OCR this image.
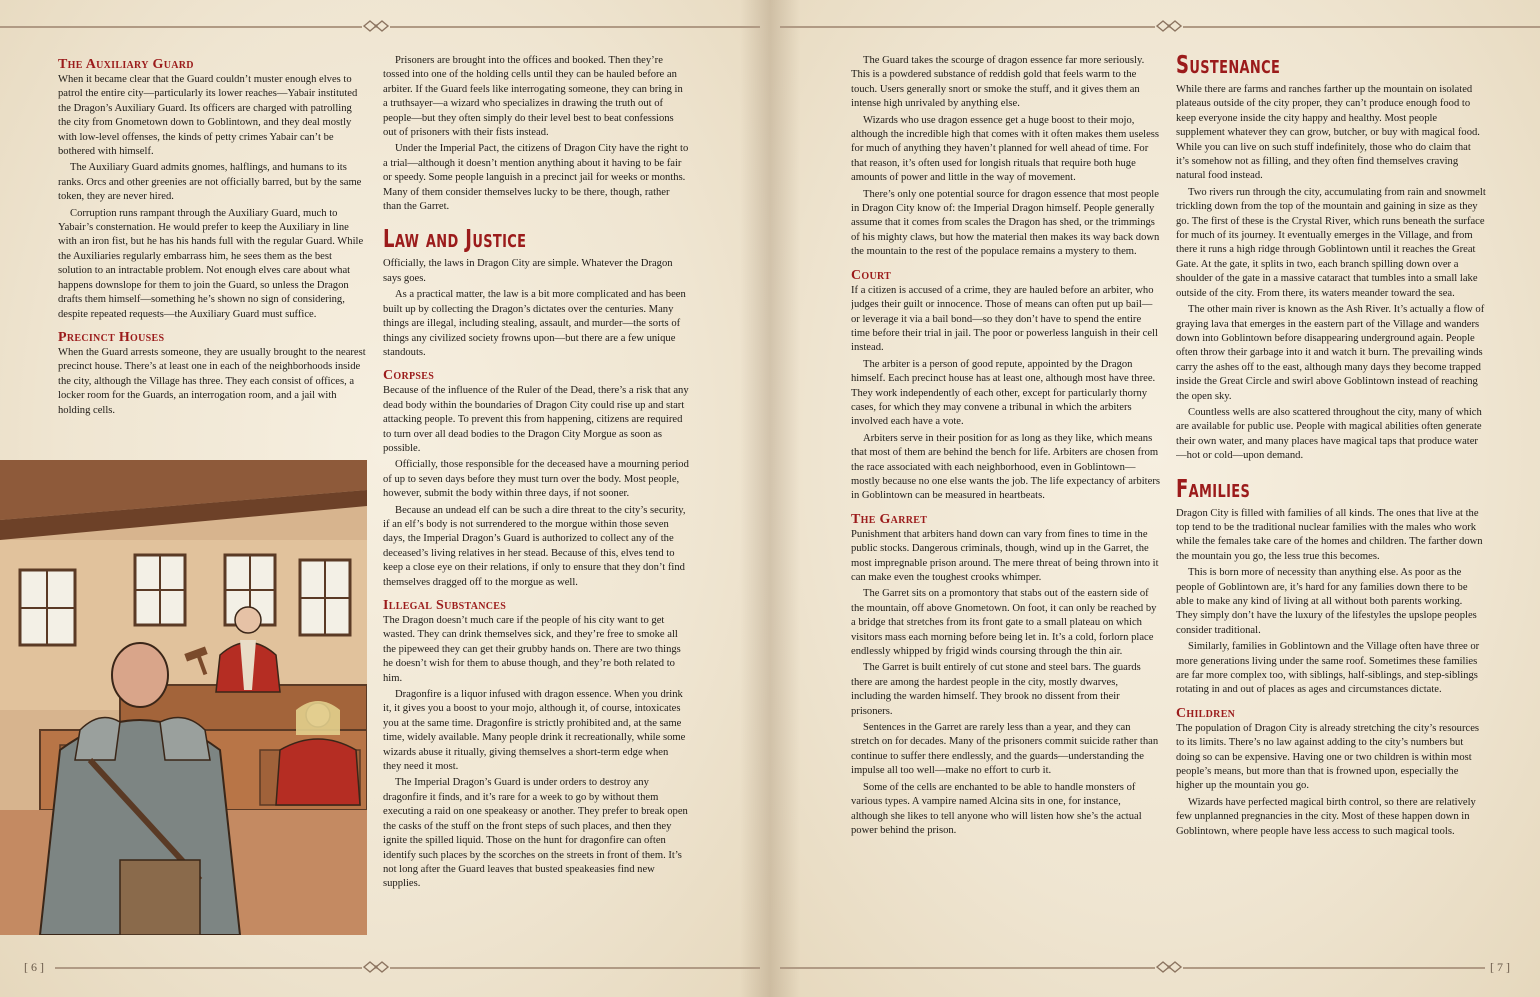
[ 6 ]	[ 7 ]
The Auxiliary Guard

When it became clear that the Guard couldn’t muster enough elves to patrol the entire city—particularly its lower reaches—Yabair instituted the Dragon’s Auxiliary Guard. Its officers are charged with patrolling the city from Gnometown down to Goblintown, and they deal mostly with low-level offenses, the kinds of petty crimes Yabair can’t be bothered with himself.

The Auxiliary Guard admits gnomes, halflings, and humans to its ranks. Orcs and other greenies are not officially barred, but by the same token, they are never hired.

Corruption runs rampant through the Auxiliary Guard, much to Yabair’s consternation. He would prefer to keep the Auxiliary in line with an iron fist, but he has his hands full with the regular Guard. While the Auxiliaries regularly embarrass him, he sees them as the best solution to an intractable problem. Not enough elves care about what happens downslope for them to join the Guard, so unless the Dragon drafts them himself—something he’s shown no sign of considering, despite repeated requests—the Auxiliary Guard must suffice.

Precinct Houses

When the Guard arrests someone, they are usually brought to the nearest precinct house. There’s at least one in each of the neighborhoods inside the city, although the Village has three. They each consist of offices, a locker room for the Guards, an interrogation room, and a jail with holding cells.

Prisoners are brought into the offices and booked. Then they’re tossed into one of the holding cells until they can be hauled before an arbiter. If the Guard feels like interrogating someone, they can bring in a truthsayer—a wizard who specializes in drawing the truth out of people—but they often simply do their level best to beat confessions out of prisoners with their fists instead.

Under the Imperial Pact, the citizens of Dragon City have the right to a trial—although it doesn’t mention anything about it having to be fair or speedy. Some people languish in a precinct jail for weeks or months. Many of them consider themselves lucky to be there, though, rather than the Garret.

Law and Justice

Officially, the laws in Dragon City are simple. Whatever the Dragon says goes.

As a practical matter, the law is a bit more complicated and has been built up by collecting the Dragon’s dictates over the centuries. Many things are illegal, including stealing, assault, and murder—the sorts of things any civilized society frowns upon—but there are a few unique standouts.

Corpses

Because of the influence of the Ruler of the Dead, there’s a risk that any dead body within the boundaries of Dragon City could rise up and start attacking people. To prevent this from happening, citizens are required to turn over all dead bodies to the Dragon City Morgue as soon as possible.

Officially, those responsible for the deceased have a mourning period of up to seven days before they must turn over the body. Most people, however, submit the body within three days, if not sooner.

Because an undead elf can be such a dire threat to the city’s security, if an elf’s body is not surrendered to the morgue within those seven days, the Imperial Dragon’s Guard is authorized to collect any of the deceased’s living relatives in her stead. Because of this, elves tend to keep a close eye on their relations, if only to ensure that they don’t find themselves dragged off to the morgue as well.

Illegal Substances

The Dragon doesn’t much care if the people of his city want to get wasted. They can drink themselves sick, and they’re free to smoke all the pipeweed they can get their grubby hands on. There are two things he doesn’t wish for them to abuse though, and they’re both related to him.

Dragonfire is a liquor infused with dragon essence. When you drink it, it gives you a boost to your mojo, although it, of course, intoxicates you at the same time. Dragonfire is strictly prohibited and, at the same time, widely available. Many people drink it recreationally, while some wizards abuse it ritually, giving themselves a short-term edge when they need it most.

The Imperial Dragon’s Guard is under orders to destroy any dragonfire it finds, and it’s rare for a week to go by without them executing a raid on one speakeasy or another. They prefer to break open the casks of the stuff on the front steps of such places, and then they ignite the spilled liquid. Those on the hunt for dragonfire can often identify such places by the scorches on the streets in front of them. It’s not long after the Guard leaves that busted speakeasies find new supplies.

The Guard takes the scourge of dragon essence far more seriously. This is a powdered substance of reddish gold that feels warm to the touch. Users generally snort or smoke the stuff, and it gives them an intense high unrivaled by anything else.

Wizards who use dragon essence get a huge boost to their mojo, although the incredible high that comes with it often makes them useless for much of anything they haven’t planned for well ahead of time. For that reason, it’s often used for longish rituals that require both huge amounts of power and little in the way of movement.

There’s only one potential source for dragon essence that most people in Dragon City know of: the Imperial Dragon himself. People generally assume that it comes from scales the Dragon has shed, or the trimmings of his mighty claws, but how the material then makes its way back down the mountain to the rest of the populace remains a mystery to them.

Court

If a citizen is accused of a crime, they are hauled before an arbiter, who judges their guilt or innocence. Those of means can often put up bail—or leverage it via a bail bond—so they don’t have to spend the entire time before their trial in jail. The poor or powerless languish in their cell instead.

The arbiter is a person of good repute, appointed by the Dragon himself. Each precinct house has at least one, although most have three. They work independently of each other, except for particularly thorny cases, for which they may convene a tribunal in which the arbiters involved each have a vote.

Arbiters serve in their position for as long as they like, which means that most of them are behind the bench for life. Arbiters are chosen from the race associated with each neighborhood, even in Goblintown—mostly because no one else wants the job. The life expectancy of arbiters in Goblintown can be measured in heartbeats.

The Garret

Punishment that arbiters hand down can vary from fines to time in the public stocks. Dangerous criminals, though, wind up in the Garret, the most impregnable prison around. The mere threat of being thrown into it can make even the toughest crooks whimper.

The Garret sits on a promontory that stabs out of the eastern side of the mountain, off above Gnometown. On foot, it can only be reached by a bridge that stretches from its front gate to a small plateau on which visitors mass each morning before being let in. It’s a cold, forlorn place endlessly whipped by frigid winds coursing through the thin air.

The Garret is built entirely of cut stone and steel bars. The guards there are among the hardest people in the city, mostly dwarves, including the warden himself. They brook no dissent from their prisoners.

Sentences in the Garret are rarely less than a year, and they can stretch on for decades. Many of the prisoners commit suicide rather than continue to suffer there endlessly, and the guards—understanding the impulse all too well—make no effort to curb it.

Some of the cells are enchanted to be able to handle monsters of various types. A vampire named Alcina sits in one, for instance, although she likes to tell anyone who will listen how she’s the actual power behind the prison.

Sustenance

While there are farms and ranches farther up the mountain on isolated plateaus outside of the city proper, they can’t produce enough food to keep everyone inside the city happy and healthy. Most people supplement whatever they can grow, butcher, or buy with magical food. While you can live on such stuff indefinitely, those who do claim that it’s somehow not as filling, and they often find themselves craving natural food instead.

Two rivers run through the city, accumulating from rain and snowmelt trickling down from the top of the mountain and gaining in size as they go. The first of these is the Crystal River, which runs beneath the surface for much of its journey. It eventually emerges in the Village, and from there it runs a high ridge through Goblintown until it reaches the Great Gate. At the gate, it splits in two, each branch spilling down over a shoulder of the gate in a massive cataract that tumbles into a small lake outside of the city. From there, its waters meander toward the sea.

The other main river is known as the Ash River. It’s actually a flow of graying lava that emerges in the eastern part of the Village and wanders down into Goblintown before disappearing underground again. People often throw their garbage into it and watch it burn. The prevailing winds carry the ashes off to the east, although many days they become trapped inside the Great Circle and swirl above Goblintown instead of reaching the open sky.

Countless wells are also scattered throughout the city, many of which are available for public use. People with magical abilities often generate their own water, and many places have magical taps that produce water—hot or cold—upon demand.

Families

Dragon City is filled with families of all kinds. The ones that live at the top tend to be the traditional nuclear families with the males who work while the females take care of the homes and children. The farther down the mountain you go, the less true this becomes.

This is born more of necessity than anything else. As poor as the people of Goblintown are, it’s hard for any families down there to be able to make any kind of living at all without both parents working. They simply don’t have the luxury of the lifestyles the upslope peoples consider traditional.

Similarly, families in Goblintown and the Village often have three or more generations living under the same roof. Sometimes these families are far more complex too, with siblings, half-siblings, and step-siblings rotating in and out of places as ages and circumstances dictate.

Children

The population of Dragon City is already stretching the city’s resources to its limits. There’s no law against adding to the city’s numbers but doing so can be expensive. Having one or two children is within most people’s means, but more than that is frowned upon, especially the higher up the mountain you go.

Wizards have perfected magical birth control, so there are relatively few unplanned pregnancies in the city. Most of these happen down in Goblintown, where people have less access to such magical tools.
